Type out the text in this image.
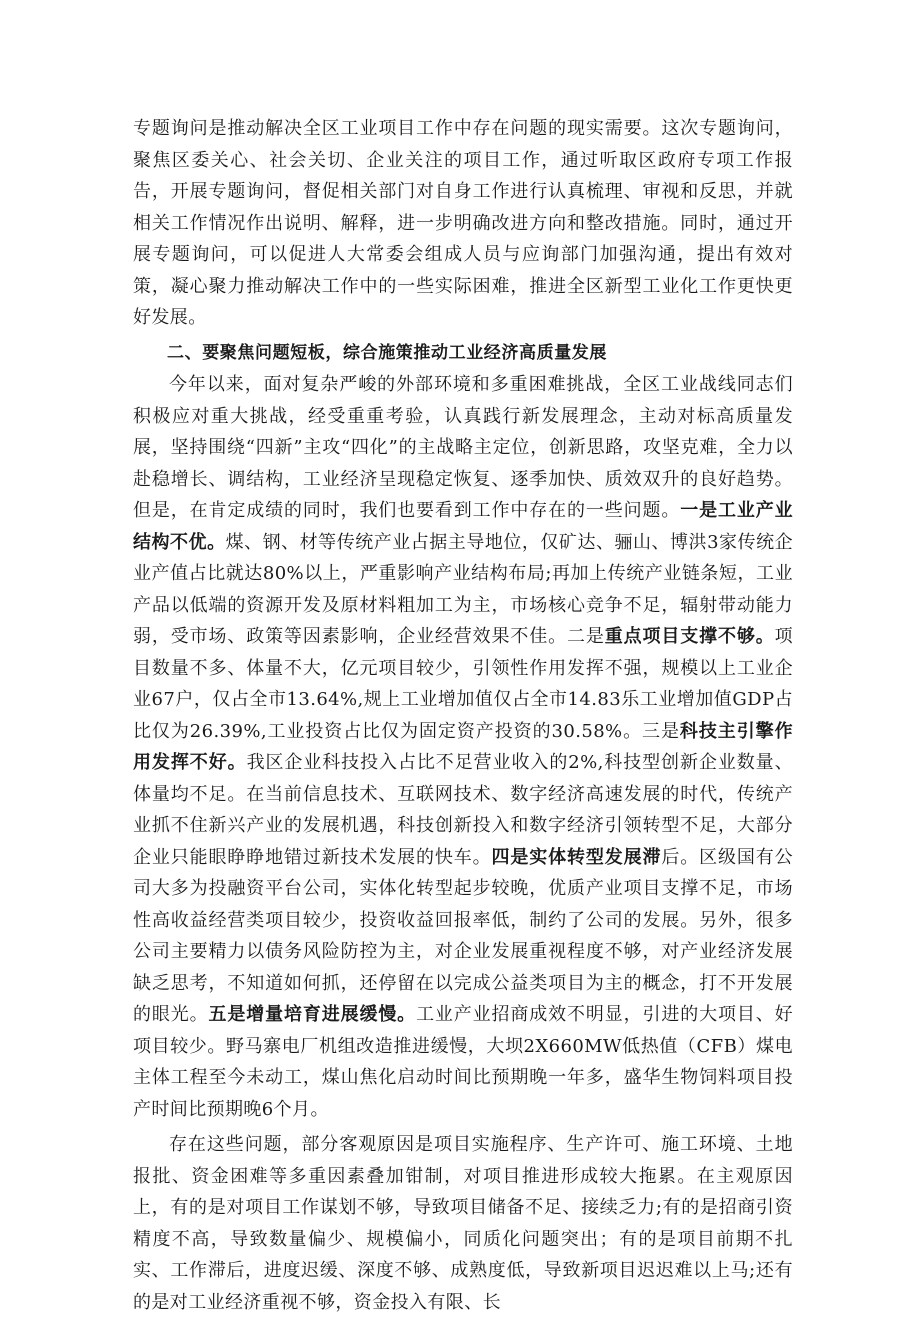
专题询问是推动解决全区工业项目工作中存在问题的现实需要。这次专题询问，聚焦区委关心、社会关切、企业关注的项目工作，通过听取区政府专项工作报告，开展专题询问，督促相关部门对自身工作进行认真梳理、审视和反思，并就相关工作情况作出说明、解释，进一步明确改进方向和整改措施。同时，通过开展专题询问，可以促进人大常委会组成人员与应询部门加强沟通，提出有效对策，凝心聚力推动解决工作中的一些实际困难，推进全区新型工业化工作更快更好发展。

二、要聚焦问题短板，综合施策推动工业经济高质量发展

今年以来，面对复杂严峻的外部环境和多重困难挑战，全区工业战线同志们积极应对重大挑战，经受重重考验，认真践行新发展理念，主动对标高质量发展，坚持围绕“四新”主攻“四化”的主战略主定位，创新思路，攻坚克难，全力以赴稳增长、调结构，工业经济呈现稳定恢复、逐季加快、质效双升的良好趋势。但是，在肯定成绩的同时，我们也要看到工作中存在的一些问题。一是工业产业结构不优。煤、钢、材等传统产业占据主导地位，仅矿达、骊山、博洪3家传统企业产值占比就达80%以上，严重影响产业结构布局;再加上传统产业链条短，工业产品以低端的资源开发及原材料粗加工为主，市场核心竞争不足，辐射带动能力弱，受市场、政策等因素影响，企业经营效果不佳。二是重点项目支撑不够。项目数量不多、体量不大，亿元项目较少，引领性作用发挥不强，规模以上工业企业67户，仅占全市13.64%,规上工业增加值仅占全市14.83乐工业增加值GDP占比仅为26.39%,工业投资占比仅为固定资产投资的30.58%。三是科技主引擎作用发挥不好。我区企业科技投入占比不足营业收入的2%,科技型创新企业数量、体量均不足。在当前信息技术、互联网技术、数字经济高速发展的时代，传统产业抓不住新兴产业的发展机遇，科技创新投入和数字经济引领转型不足，大部分企业只能眼睁睁地错过新技术发展的快车。四是实体转型发展滞后。区级国有公司大多为投融资平台公司，实体化转型起步较晚，优质产业项目支撑不足，市场性高收益经营类项目较少，投资收益回报率低，制约了公司的发展。另外，很多公司主要精力以债务风险防控为主，对企业发展重视程度不够，对产业经济发展缺乏思考，不知道如何抓，还停留在以完成公益类项目为主的概念，打不开发展的眼光。五是增量培育进展缓慢。工业产业招商成效不明显，引进的大项目、好项目较少。野马寨电厂机组改造推进缓慢，大坝2X660MW低热值（CFB）煤电主体工程至今未动工，煤山焦化启动时间比预期晚一年多，盛华生物饲料项目投产时间比预期晚6个月。

存在这些问题，部分客观原因是项目实施程序、生产许可、施工环境、土地报批、资金困难等多重因素叠加钳制，对项目推进形成较大拖累。在主观原因上，有的是对项目工作谋划不够，导致项目储备不足、接续乏力;有的是招商引资精度不高，导致数量偏少、规模偏小，同质化问题突出；有的是项目前期不扎实、工作滞后，进度迟缓、深度不够、成熟度低，导致新项目迟迟难以上马;还有的是对工业经济重视不够，资金投入有限、长
